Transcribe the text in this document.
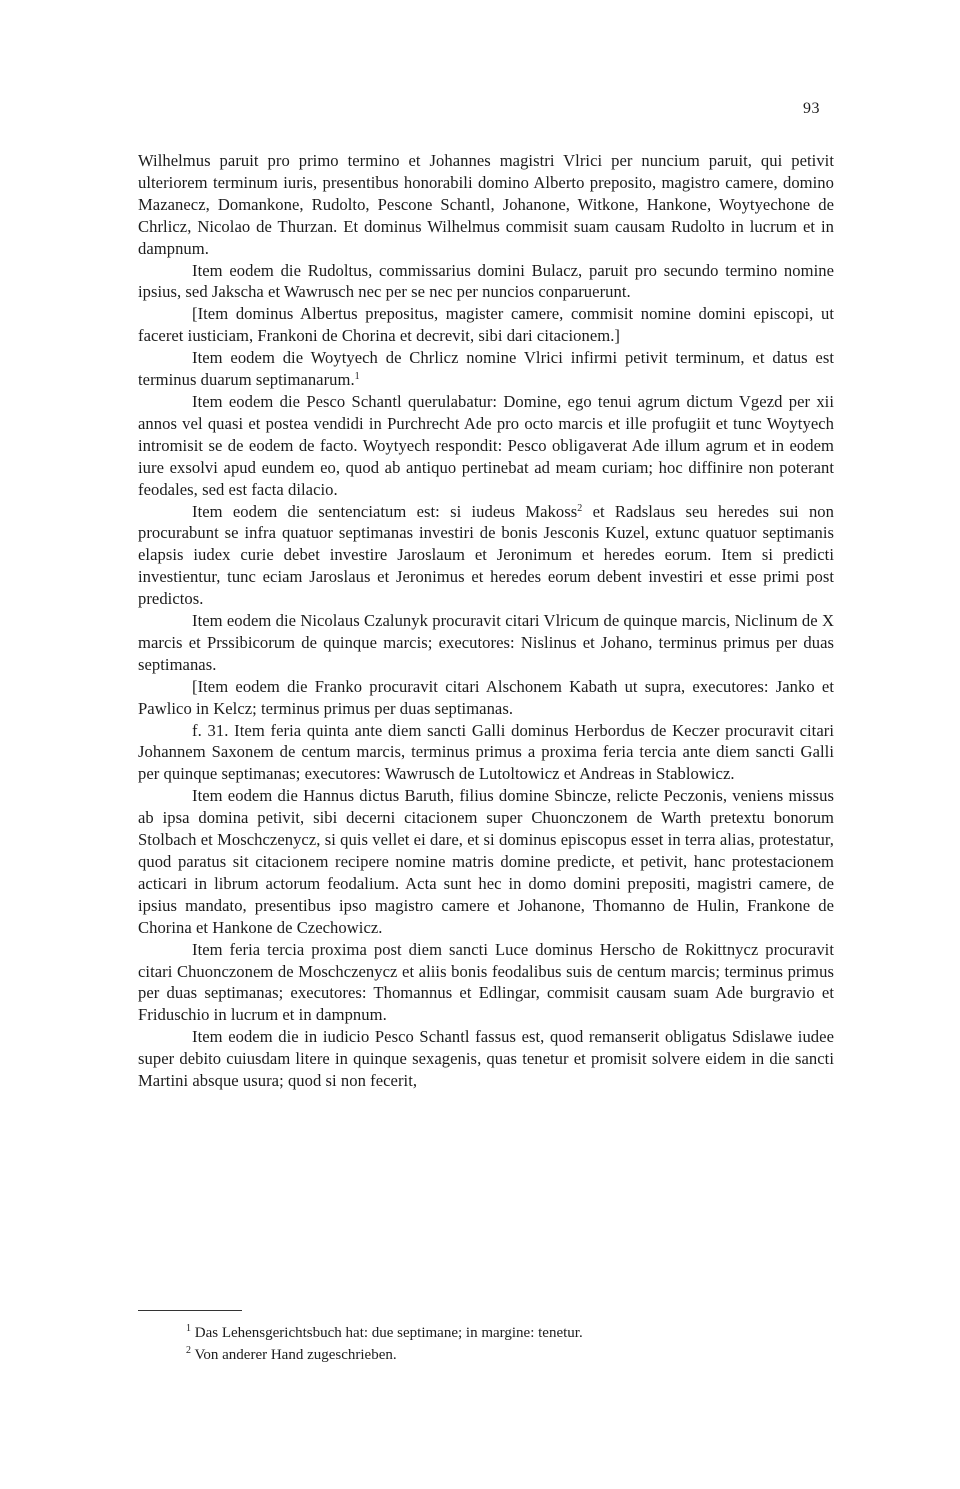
93

Wilhelmus paruit pro primo termino et Johannes magistri Vlrici per nuncium paruit, qui petivit ulteriorem terminum iuris, presentibus honorabili domino Alberto preposito, magistro camere, domino Mazanecz, Domankone, Rudolto, Pescone Schantl, Johanone, Witkone, Hankone, Woytyechone de Chrlicz, Nicolao de Thurzan. Et dominus Wilhelmus commisit suam causam Rudolto in lucrum et in dampnum.

Item eodem die Rudoltus, commissarius domini Bulacz, paruit pro secundo termino nomine ipsius, sed Jakscha et Wawrusch nec per se nec per nuncios conparuerunt.

[Item dominus Albertus prepositus, magister camere, commisit nomine domini episcopi, ut faceret iusticiam, Frankoni de Chorina et decrevit, sibi dari citacionem.]

Item eodem die Woytyech de Chrlicz nomine Vlrici infirmi petivit terminum, et datus est terminus duarum septimanarum.$^1$

Item eodem die Pesco Schantl querulabatur: Domine, ego tenui agrum dictum Vgezd per xii annos vel quasi et postea vendidi in Purchrecht Ade pro octo marcis et ille profugiit et tunc Woytyech intromisit se de eodem de facto. Woytyech respondit: Pesco obligaverat Ade illum agrum et in eodem iure exsolvi apud eundem eo, quod ab antiquo pertinebat ad meam curiam; hoc diffinire non poterant feodales, sed est facta dilacio.

Item eodem die sentenciatum est: si iudeus Makoss$^2$ et Radslaus seu heredes sui non procurabunt se infra quatuor septimanas investiri de bonis Jesconis Kuzel, extunc quatuor septimanis elapsis iudex curie debet investire Jaroslaum et Jeronimum et heredes eorum. Item si predicti investientur, tunc eciam Jaroslaus et Jeronimus et heredes eorum debent investiri et esse primi post predictos.

Item eodem die Nicolaus Czalunyk procuravit citari Vlricum de quinque marcis, Niclinum de X marcis et Prssibicorum de quinque marcis; executores: Nislinus et Johano, terminus primus per duas septimanas.

[Item eodem die Franko procuravit citari Alschonem Kabath ut supra, executores: Janko et Pawlico in Kelcz; terminus primus per duas septimanas.

f. 31. Item feria quinta ante diem sancti Galli dominus Herbordus de Keczer procuravit citari Johannem Saxonem de centum marcis, terminus primus a proxima feria tercia ante diem sancti Galli per quinque septimanas; executores: Wawrusch de Lutoltowicz et Andreas in Stablowicz.

Item eodem die Hannus dictus Baruth, filius domine Sbincze, relicte Peczonis, veniens missus ab ipsa domina petivit, sibi decerni citacionem super Chuonczonem de Warth pretextu bonorum Stolbach et Moschczenycz, si quis vellet ei dare, et si dominus episcopus esset in terra alias, protestatur, quod paratus sit citacionem recipere nomine matris domine predicte, et petivit, hanc protestacionem acticari in librum actorum feodalium. Acta sunt hec in domo domini prepositi, magistri camere, de ipsius mandato, presentibus ipso magistro camere et Johanone, Thomanno de Hulin, Frankone de Chorina et Hankone de Czechowicz.

Item feria tercia proxima post diem sancti Luce dominus Herscho de Rokittnycz procuravit citari Chuonczonem de Moschczenycz et aliis bonis feodalibus suis de centum marcis; terminus primus per duas septimanas; executores: Thomannus et Edlingar, commisit causam suam Ade burgravio et Friduschio in lucrum et in dampnum.

Item eodem die in iudicio Pesco Schantl fassus est, quod remanserit obligatus Sdislawe iudee super debito cuiusdam litere in quinque sexagenis, quas tenetur et promisit solvere eidem in die sancti Martini absque usura; quod si non fecerit,

$^1$ Das Lehensgerichtsbuch hat: due septimane; in margine: tenetur.

$^2$ Von anderer Hand zugeschrieben.
